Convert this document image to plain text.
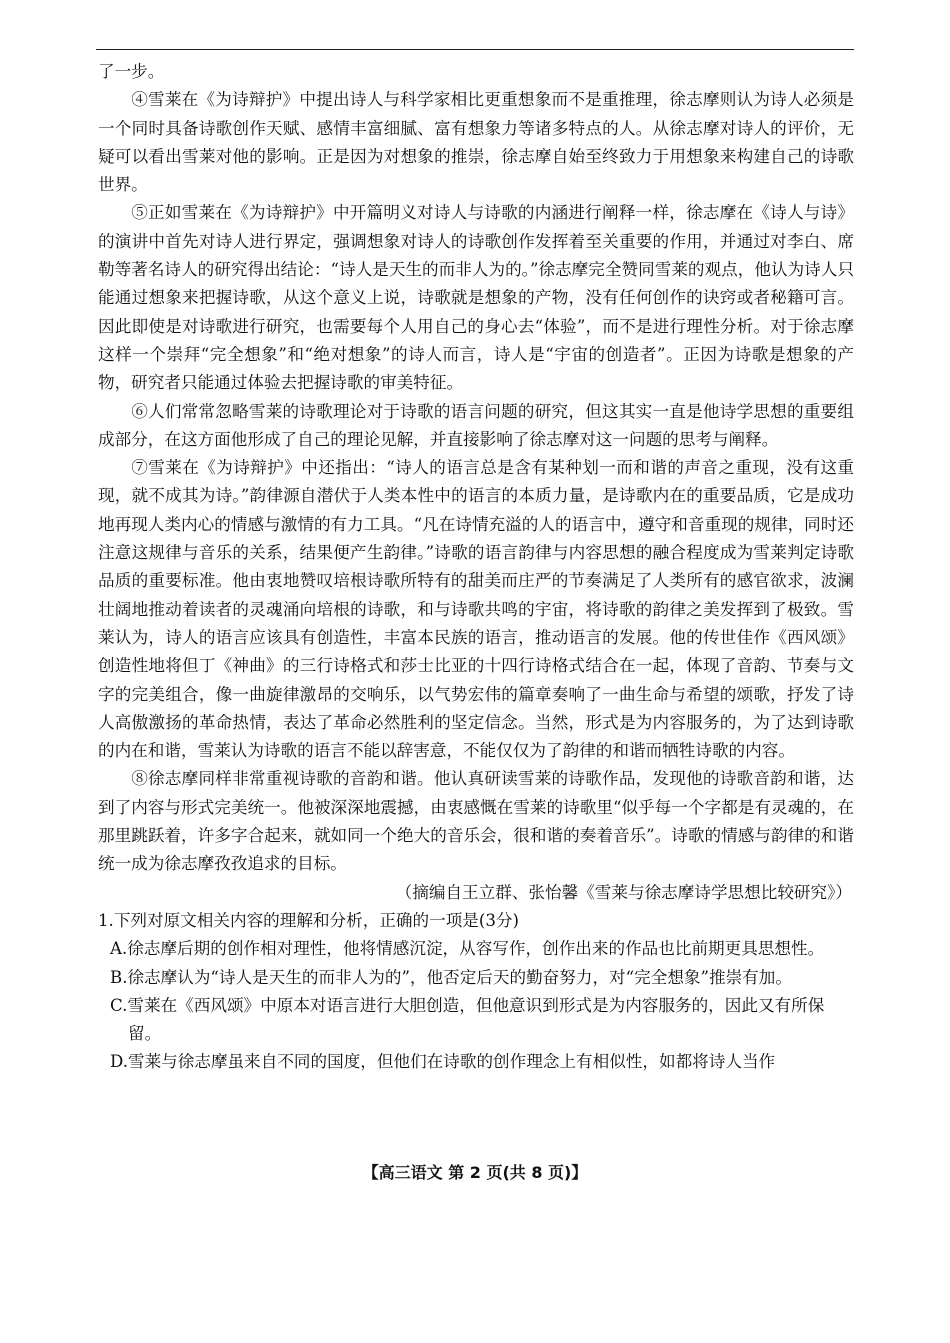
了一步。

④雪莱在《为诗辩护》中提出诗人与科学家相比更重想象而不是重推理，徐志摩则认为诗人必须是一个同时具备诗歌创作天赋、感情丰富细腻、富有想象力等诸多特点的人。从徐志摩对诗人的评价，无疑可以看出雪莱对他的影响。正是因为对想象的推崇，徐志摩自始至终致力于用想象来构建自己的诗歌世界。

⑤正如雪莱在《为诗辩护》中开篇明义对诗人与诗歌的内涵进行阐释一样，徐志摩在《诗人与诗》的演讲中首先对诗人进行界定，强调想象对诗人的诗歌创作发挥着至关重要的作用，并通过对李白、席勒等著名诗人的研究得出结论：“诗人是天生的而非人为的。”徐志摩完全赞同雪莱的观点，他认为诗人只能通过想象来把握诗歌，从这个意义上说，诗歌就是想象的产物，没有任何创作的诀窍或者秘籍可言。因此即使是对诗歌进行研究，也需要每个人用自己的身心去“体验”，而不是进行理性分析。对于徐志摩这样一个崇拜“完全想象”和“绝对想象”的诗人而言，诗人是“宇宙的创造者”。正因为诗歌是想象的产物，研究者只能通过体验去把握诗歌的审美特征。

⑥人们常常忽略雪莱的诗歌理论对于诗歌的语言问题的研究，但这其实一直是他诗学思想的重要组成部分，在这方面他形成了自己的理论见解，并直接影响了徐志摩对这一问题的思考与阐释。

⑦雪莱在《为诗辩护》中还指出：“诗人的语言总是含有某种划一而和谐的声音之重现，没有这重现，就不成其为诗。”韵律源自潜伏于人类本性中的语言的本质力量，是诗歌内在的重要品质，它是成功地再现人类内心的情感与激情的有力工具。“凡在诗情充溢的人的语言中，遵守和音重现的规律，同时还注意这规律与音乐的关系，结果便产生韵律。”诗歌的语言韵律与内容思想的融合程度成为雪莱判定诗歌品质的重要标准。他由衷地赞叹培根诗歌所特有的甜美而庄严的节奏满足了人类所有的感官欲求，波澜壮阔地推动着读者的灵魂涌向培根的诗歌，和与诗歌共鸣的宇宙，将诗歌的韵律之美发挥到了极致。雪莱认为，诗人的语言应该具有创造性，丰富本民族的语言，推动语言的发展。他的传世佳作《西风颂》创造性地将但丁《神曲》的三行诗格式和莎士比亚的十四行诗格式结合在一起，体现了音韵、节奏与文字的完美组合，像一曲旋律激昂的交响乐，以气势宏伟的篇章奏响了一曲生命与希望的颂歌，抒发了诗人高傲激扬的革命热情，表达了革命必然胜利的坚定信念。当然，形式是为内容服务的，为了达到诗歌的内在和谐，雪莱认为诗歌的语言不能以辞害意，不能仅仅为了韵律的和谐而牺牲诗歌的内容。

⑧徐志摩同样非常重视诗歌的音韵和谐。他认真研读雪莱的诗歌作品，发现他的诗歌音韵和谐，达到了内容与形式完美统一。他被深深地震撼，由衷感慨在雪莱的诗歌里“似乎每一个字都是有灵魂的，在那里跳跃着，许多字合起来，就如同一个绝大的音乐会，很和谐的奏着音乐”。诗歌的情感与韵律的和谐统一成为徐志摩孜孜追求的目标。

（摘编自王立群、张怡馨《雪莱与徐志摩诗学思想比较研究》）

1.下列对原文相关内容的理解和分析，正确的一项是(3分)

A.徐志摩后期的创作相对理性，他将情感沉淀，从容写作，创作出来的作品也比前期更具思想性。

B.徐志摩认为“诗人是天生的而非人为的”，他否定后天的勤奋努力，对“完全想象”推崇有加。

C.雪莱在《西风颂》中原本对语言进行大胆创造，但他意识到形式是为内容服务的，因此又有所保留。

D.雪莱与徐志摩虽来自不同的国度，但他们在诗歌的创作理念上有相似性，如都将诗人当作

【高三语文 第 2 页(共 8 页)】
